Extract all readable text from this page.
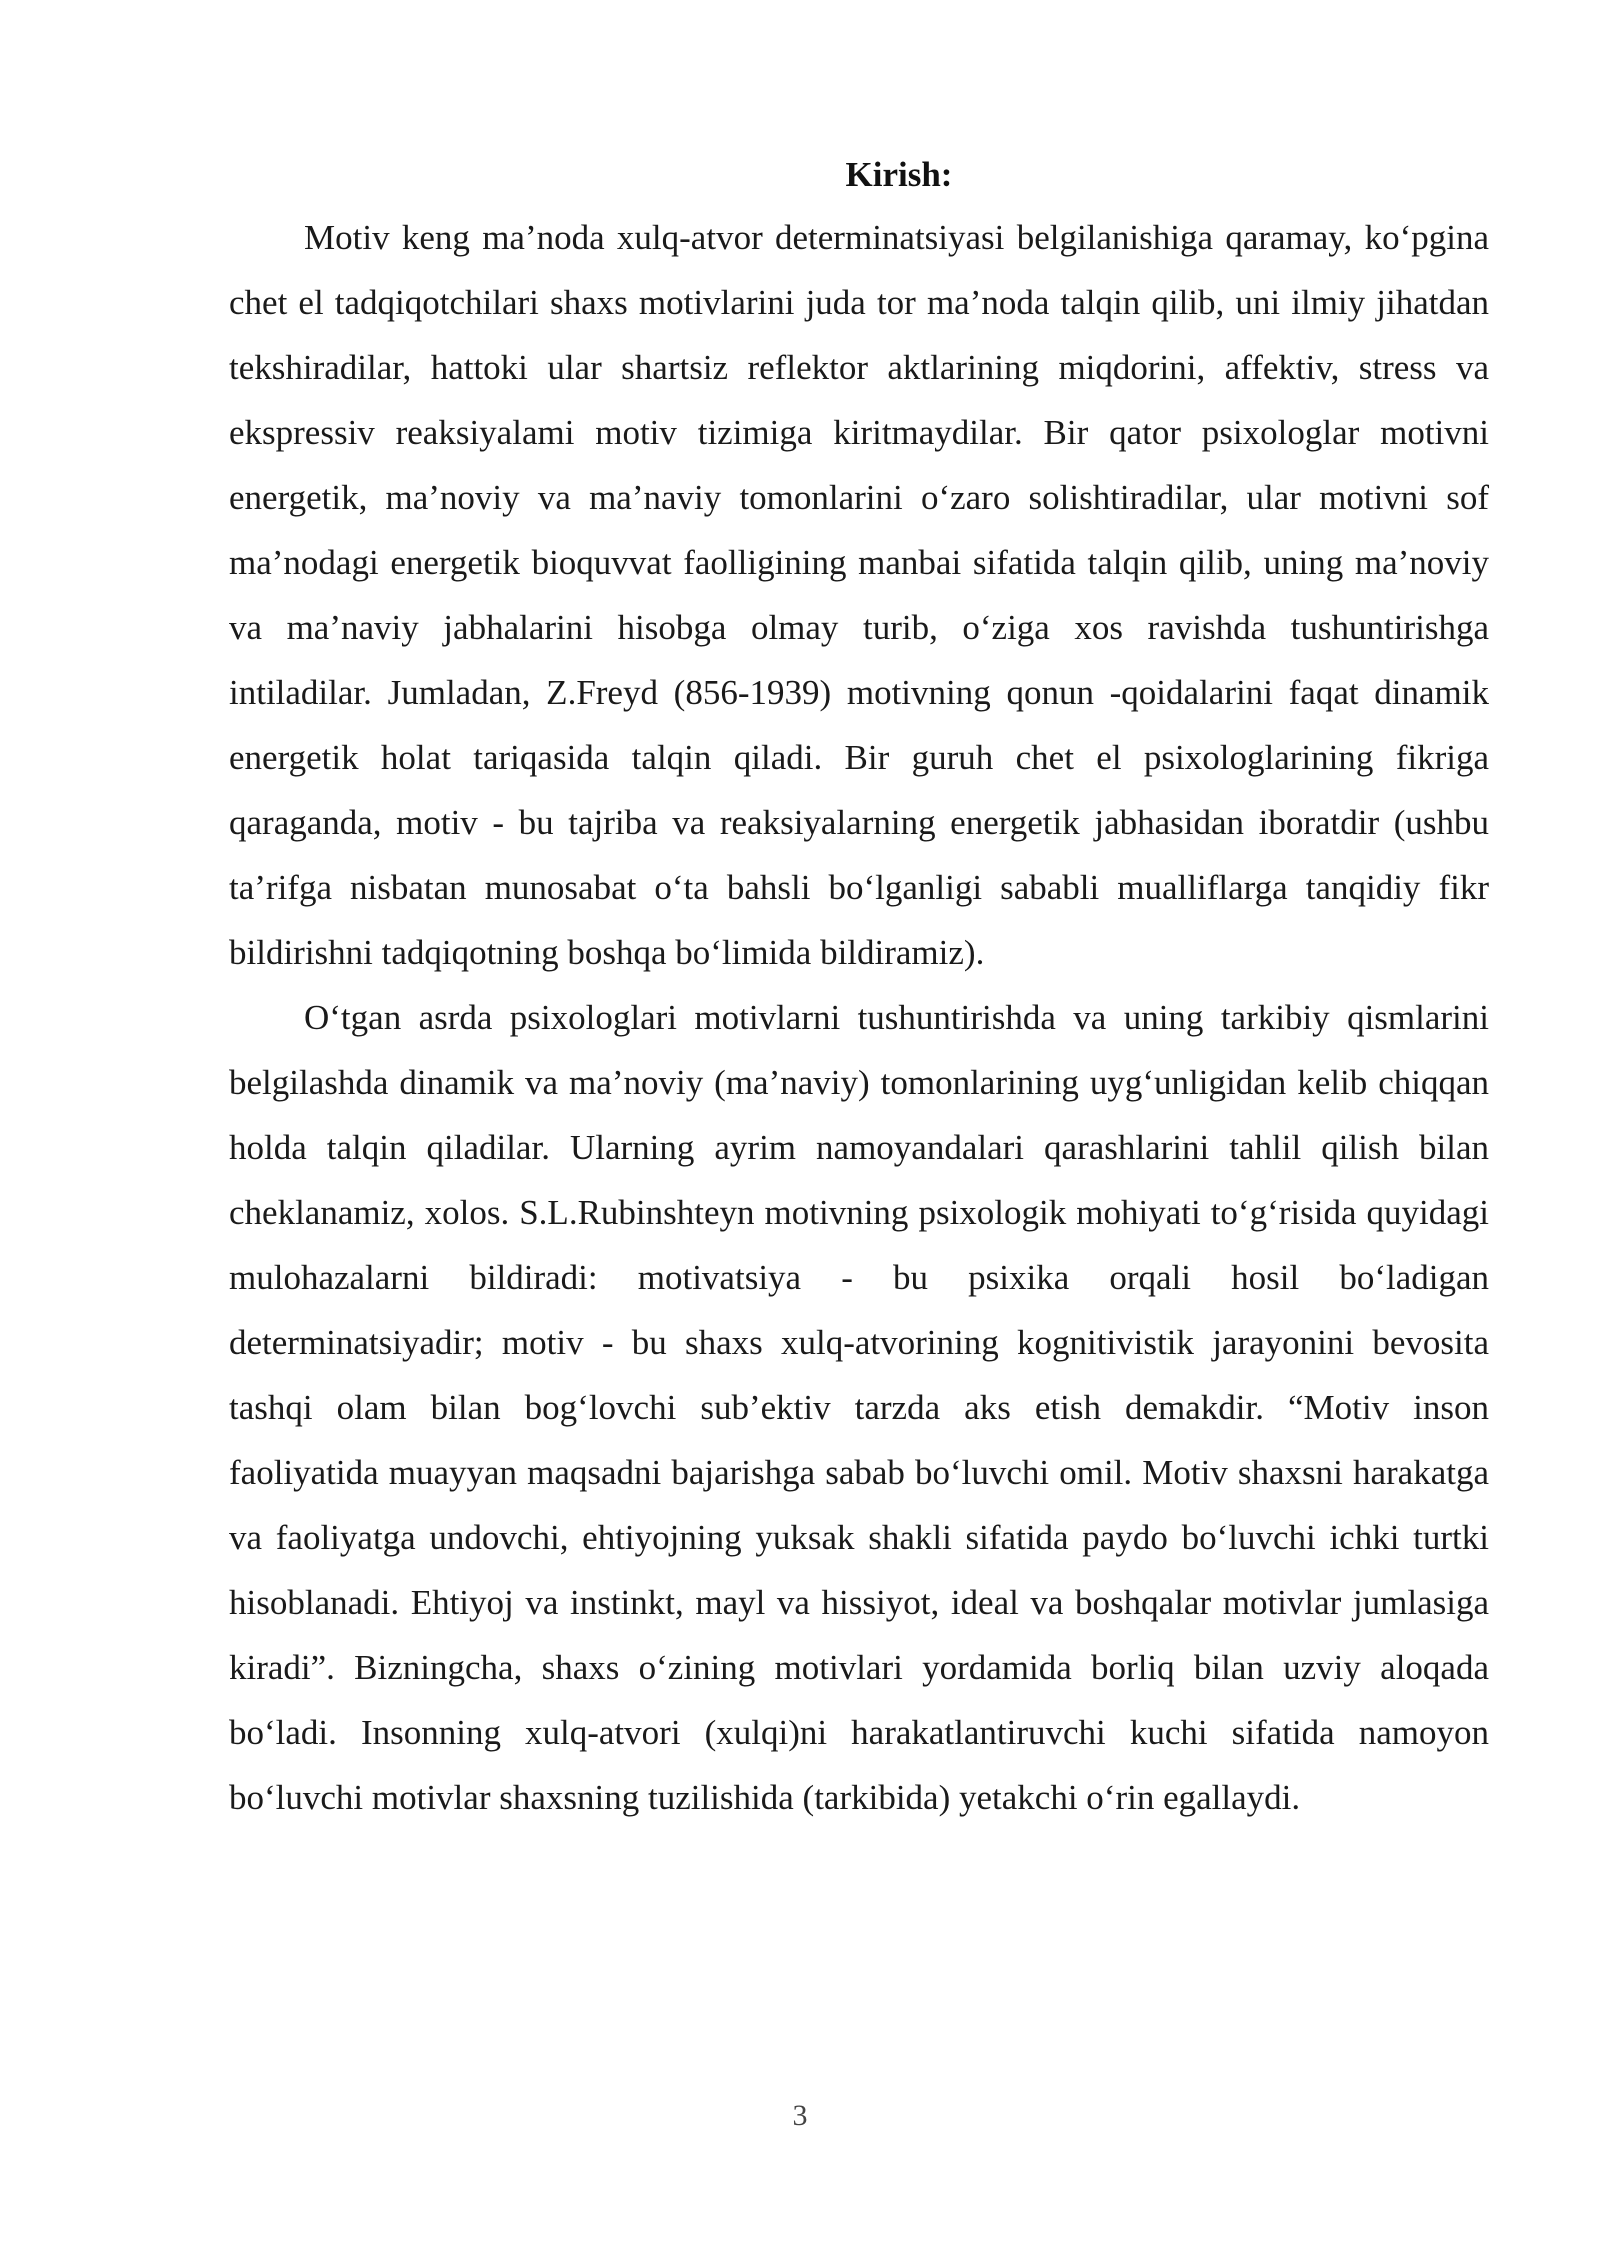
Kirish:

Motiv keng ma’noda xulq-atvor determinatsiyasi belgilanishiga qaramay, ko‘pgina chet el tadqiqotchilari shaxs motivlarini juda tor ma’noda talqin qilib, uni ilmiy jihatdan tekshiradilar, hattoki ular shartsiz reflektor aktlarining miqdorini, affektiv, stress va ekspressiv reaksiyalami motiv tizimiga kiritmaydilar. Bir qator psixologlar motivni energetik, ma’noviy va ma’naviy tomonlarini o‘zaro solishtiradilar, ular motivni sof ma’nodagi energetik bioquvvat faolligining manbai sifatida talqin qilib, uning ma’noviy va ma’naviy jabhalarini hisobga olmay turib, o‘ziga xos ravishda tushuntirishga intiladilar. Jumladan, Z.Freyd (856-1939) motivning qonun -qoidalarini faqat dinamik energetik holat tariqasida talqin qiladi. Bir guruh chet el psixologlarining fikriga qaraganda, motiv - bu tajriba va reaksiyalarning energetik jabhasidan iboratdir (ushbu ta’rifga nisbatan munosabat o‘ta bahsli bo‘lganligi sababli mualliflarga tanqidiy fikr bildirishni tadqiqotning boshqa bo‘limida bildiramiz).

O‘tgan asrda psixologlari motivlarni tushuntirishda va uning tarkibiy qismlarini belgilashda dinamik va ma’noviy (ma’naviy) tomonlarining uyg‘unligidan kelib chiqqan holda talqin qiladilar. Ularning ayrim namoyandalari qarashlarini tahlil qilish bilan cheklanamiz, xolos. S.L.Rubinshteyn motivning psixologik mohiyati to‘g‘risida quyidagi mulohazalarni bildiradi: motivatsiya - bu psixika orqali hosil bo‘ladigan determinatsiyadir; motiv - bu shaxs xulq-atvorining kognitivistik jarayonini bevosita tashqi olam bilan bog‘lovchi sub’ektiv tarzda aks etish demakdir. “Motiv inson faoliyatida muayyan maqsadni bajarishga sabab bo‘luvchi omil. Motiv shaxsni harakatga va faoliyatga undovchi, ehtiyojning yuksak shakli sifatida paydo bo‘luvchi ichki turtki hisoblanadi. Ehtiyoj va instinkt, mayl va hissiyot, ideal va boshqalar motivlar jumlasiga kiradi”. Bizningcha, shaxs o‘zining motivlari yordamida borliq bilan uzviy aloqada bo‘ladi. Insonning xulq-atvori (xulqi)ni harakatlantiruvchi kuchi sifatida namoyon bo‘luvchi motivlar shaxsning tuzilishida (tarkibida) yetakchi o‘rin egallaydi.

3
